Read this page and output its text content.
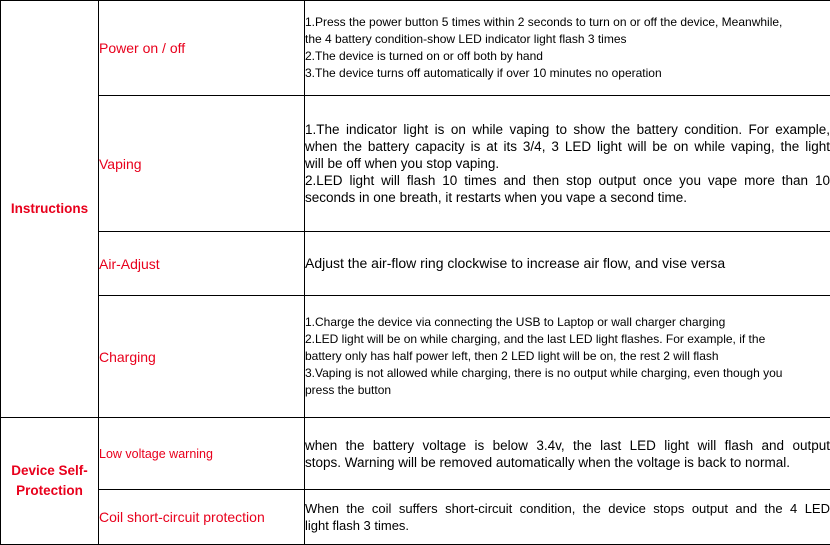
Instructions	Power on / off	1.Press the power button 5 times within 2 seconds to turn on or off the device, Meanwhile,
the 4 battery condition-show LED indicator light flash 3 times
2.The device is turned on or off both by hand
3.The device turns off automatically if over 10 minutes no operation

	Vaping	1.The indicator light is on while vaping to show the battery condition. For example,
when the battery capacity is at its 3/4, 3 LED light will be on while vaping, the light
will be off when you stop vaping.
2.LED light will flash 10 times and then stop output once you vape more than 10
seconds in one breath, it restarts when you vape a second time.

	Air-Adjust	Adjust the air-flow ring clockwise to increase air flow, and vise versa

	Charging	1.Charge the device via connecting the USB to Laptop or wall charger charging
2.LED light will be on while charging, and the last LED light flashes. For example, if the
battery only has half power left, then 2 LED light will be on, the rest 2 will flash
3.Vaping is not allowed while charging, there is no output while charging, even though you
press the button

Device Self-
Protection	Low voltage warning	when the battery voltage is below 3.4v, the last LED light will flash and output
stops. Warning will be removed automatically when the voltage is back to normal.

	Coil short-circuit protection	When the coil suffers short-circuit condition, the device stops output and the 4 LED
light flash 3 times.
